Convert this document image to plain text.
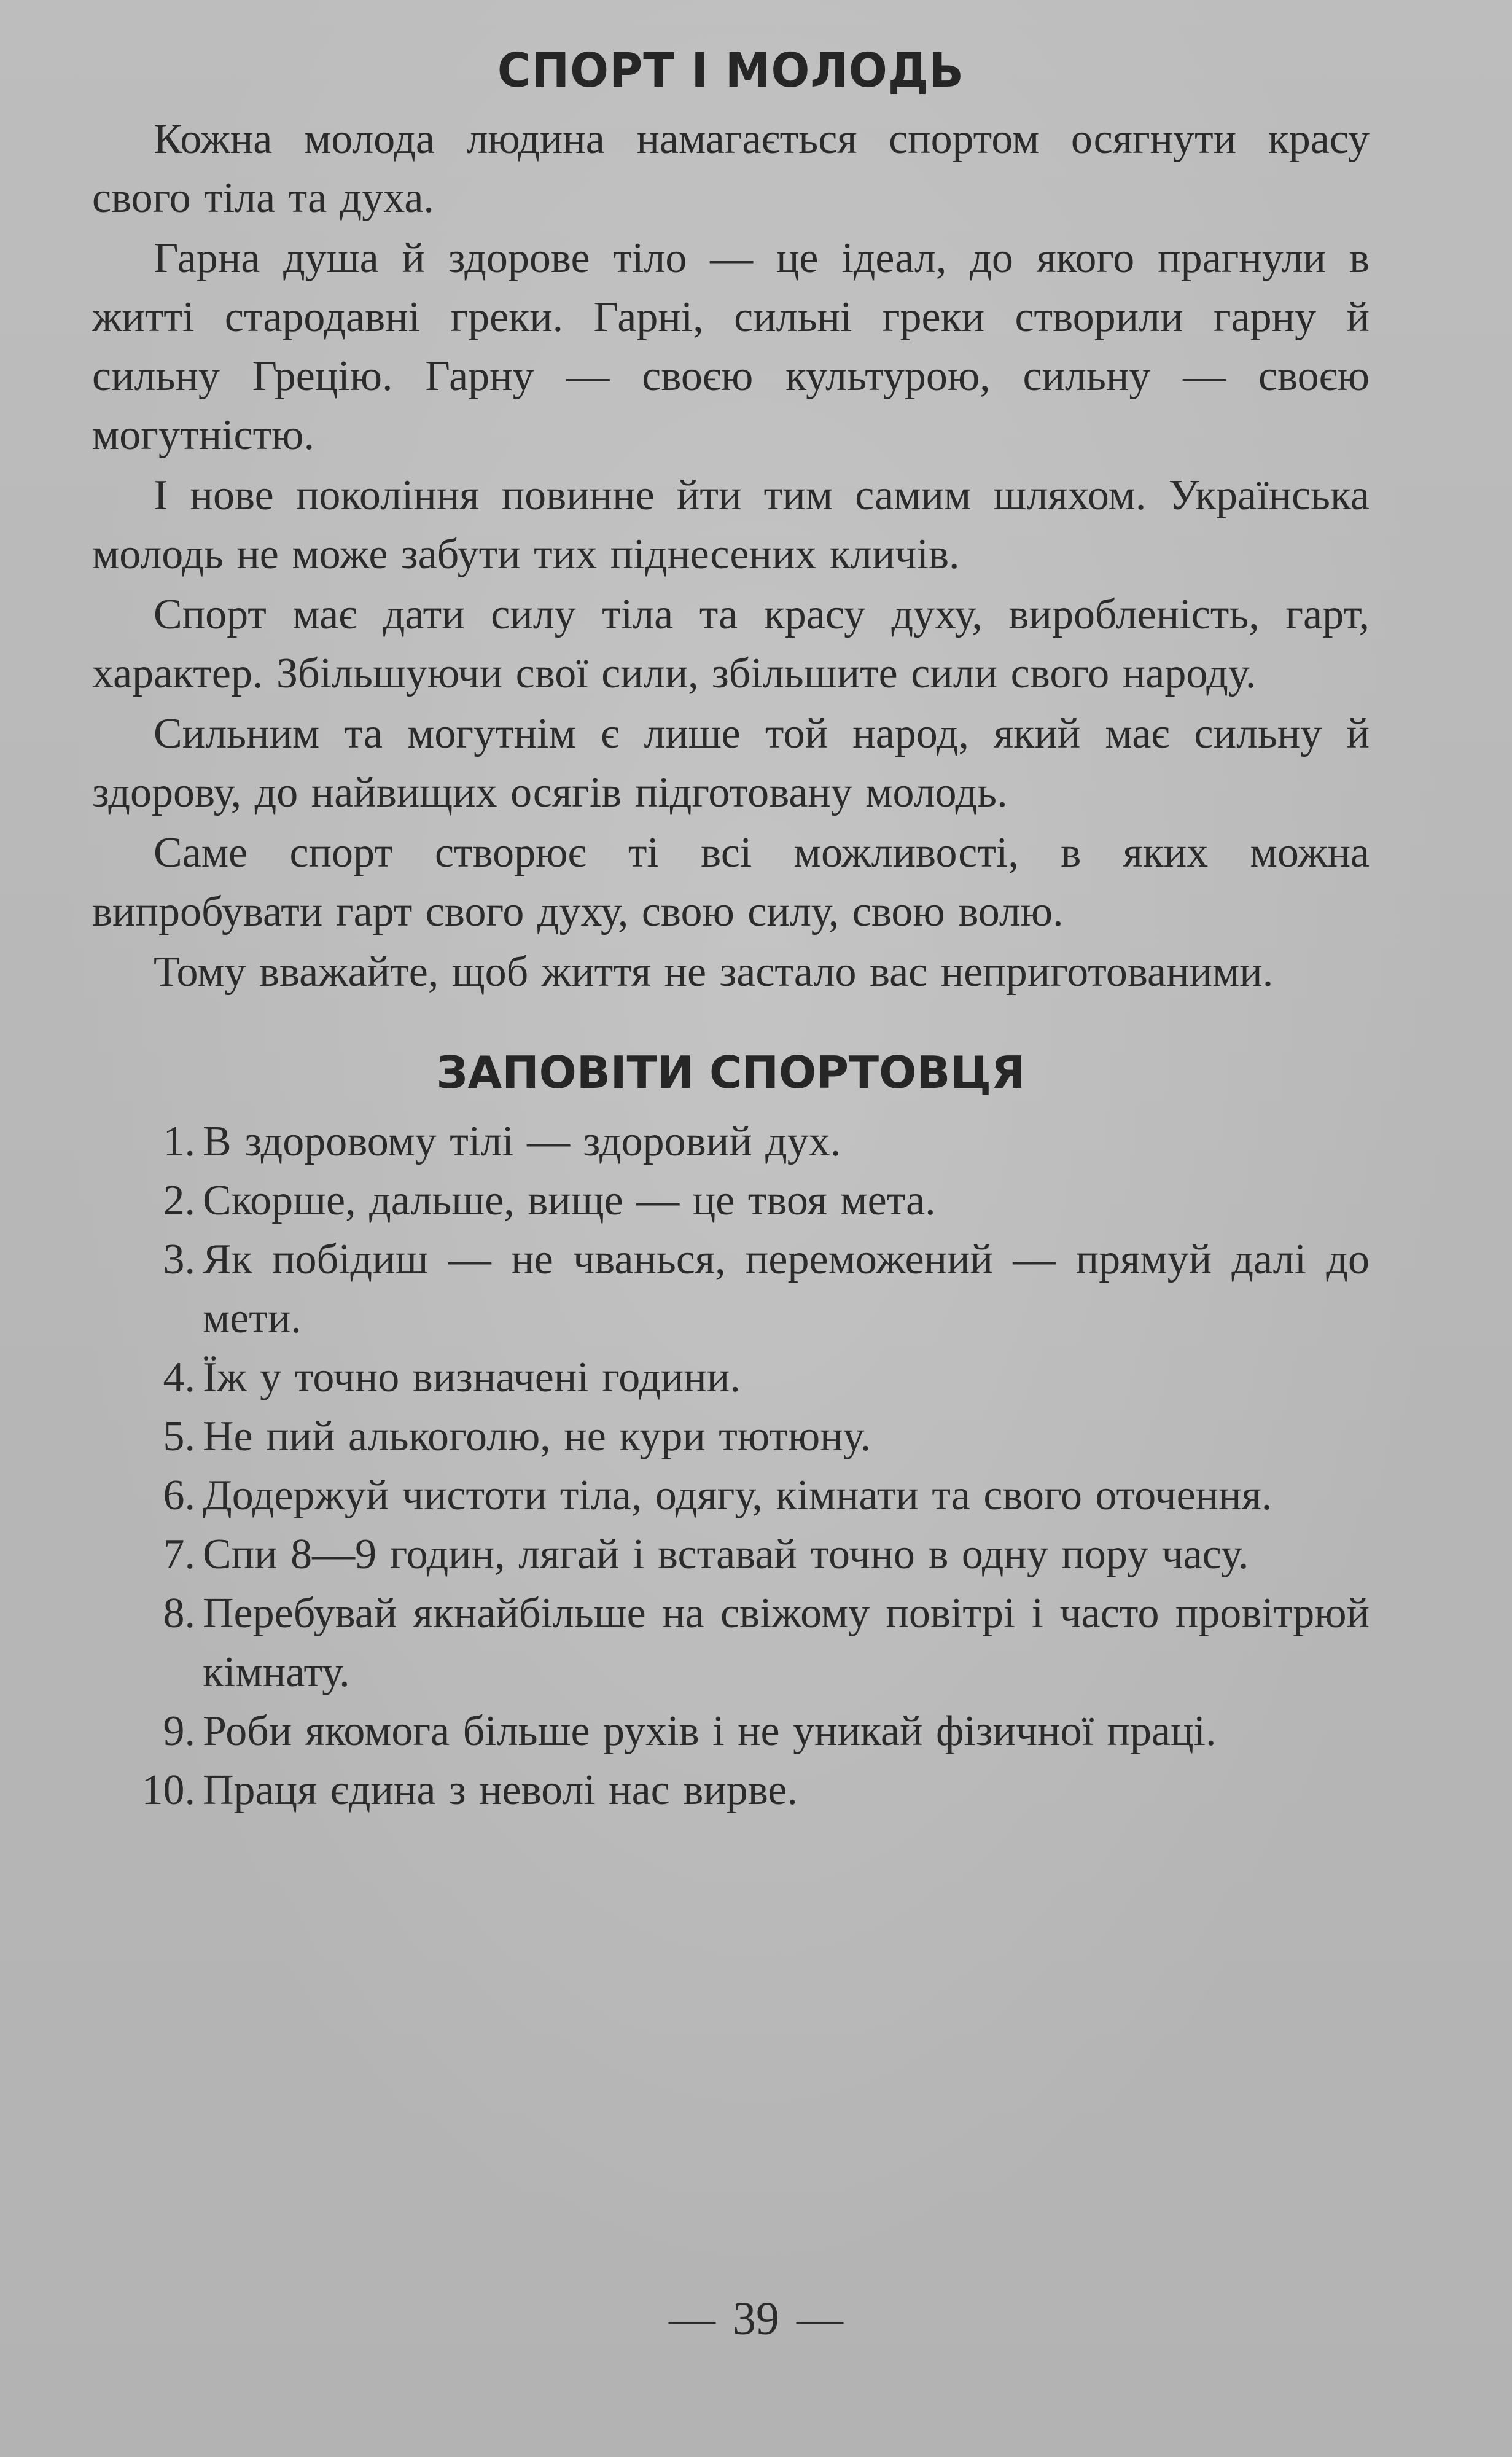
СПОРТ І МОЛОДЬ

Кожна молода людина намагається спортом осягнути красу свого тіла та духа.

Гарна душа й здорове тіло — це ідеал, до якого прагнули в житті стародавні греки. Гарні, сильні греки створили гарну й сильну Грецію. Гарну — своєю культурою, сильну — своєю могутністю.

І нове покоління повинне йти тим самим шляхом. Українська молодь не може забути тих піднесених кличів.

Спорт має дати силу тіла та красу духу, виробленість, гарт, характер. Збільшуючи свої сили, збільшите сили свого народу.

Сильним та могутнім є лише той народ, який має сильну й здорову, до найвищих осягів підготовану молодь.

Саме спорт створює ті всі можливості, в яких можна випробувати гарт свого духу, свою силу, свою волю.

Тому вважайте, щоб життя не застало вас неприготованими.

ЗАПОВІТИ СПОРТОВЦЯ
1. В здоровому тілі — здоровий дух.
2. Скорше, дальше, вище — це твоя мета.
3. Як побідиш — не чванься, переможений — прямуй далі до мети.
4. Їж у точно визначені години.
5. Не пий алькоголю, не кури тютюну.
6. Додержуй чистоти тіла, одягу, кімнати та свого оточення.
7. Спи 8—9 годин, лягай і вставай точно в одну пору часу.
8. Перебувай якнайбільше на свіжому повітрі і часто провітрюй кімнату.
9. Роби якомога більше рухів і не уникай фізичної праці.
10. Праця єдина з неволі нас вирве.
— 39 —
